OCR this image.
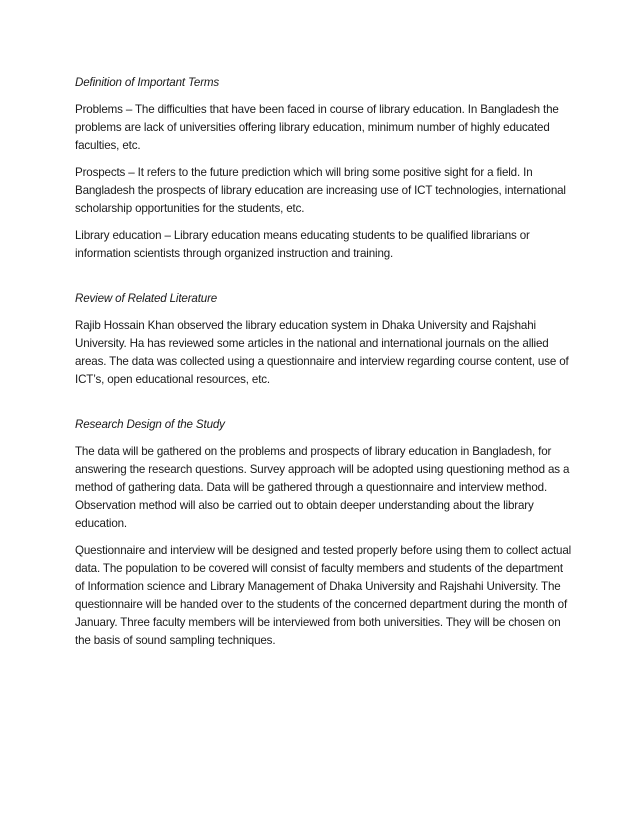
Definition of Important Terms

Problems – The difficulties that have been faced in course of library education. In Bangladesh the problems are lack of universities offering library education, minimum number of highly educated faculties, etc.

Prospects – It refers to the future prediction which will bring some positive sight for a field. In Bangladesh the prospects of library education are increasing use of ICT technologies, international scholarship opportunities for the students, etc.

Library education – Library education means educating students to be qualified librarians or information scientists through organized instruction and training.

Review of Related Literature

Rajib Hossain Khan observed the library education system in Dhaka University and Rajshahi University. Ha has reviewed some articles in the national and international journals on the allied areas. The data was collected using a questionnaire and interview regarding course content, use of ICT’s, open educational resources, etc.

Research Design of the Study

The data will be gathered on the problems and prospects of library education in Bangladesh, for answering the research questions. Survey approach will be adopted using questioning method as a method of gathering data. Data will be gathered through a questionnaire and interview method. Observation method will also be carried out to obtain deeper understanding about the library education.

Questionnaire and interview will be designed and tested properly before using them to collect actual data. The population to be covered will consist of faculty members and students of the department of Information science and Library Management of Dhaka University and Rajshahi University. The questionnaire will be handed over to the students of the concerned department during the month of January. Three faculty members will be interviewed from both universities. They will be chosen on the basis of sound sampling techniques.
